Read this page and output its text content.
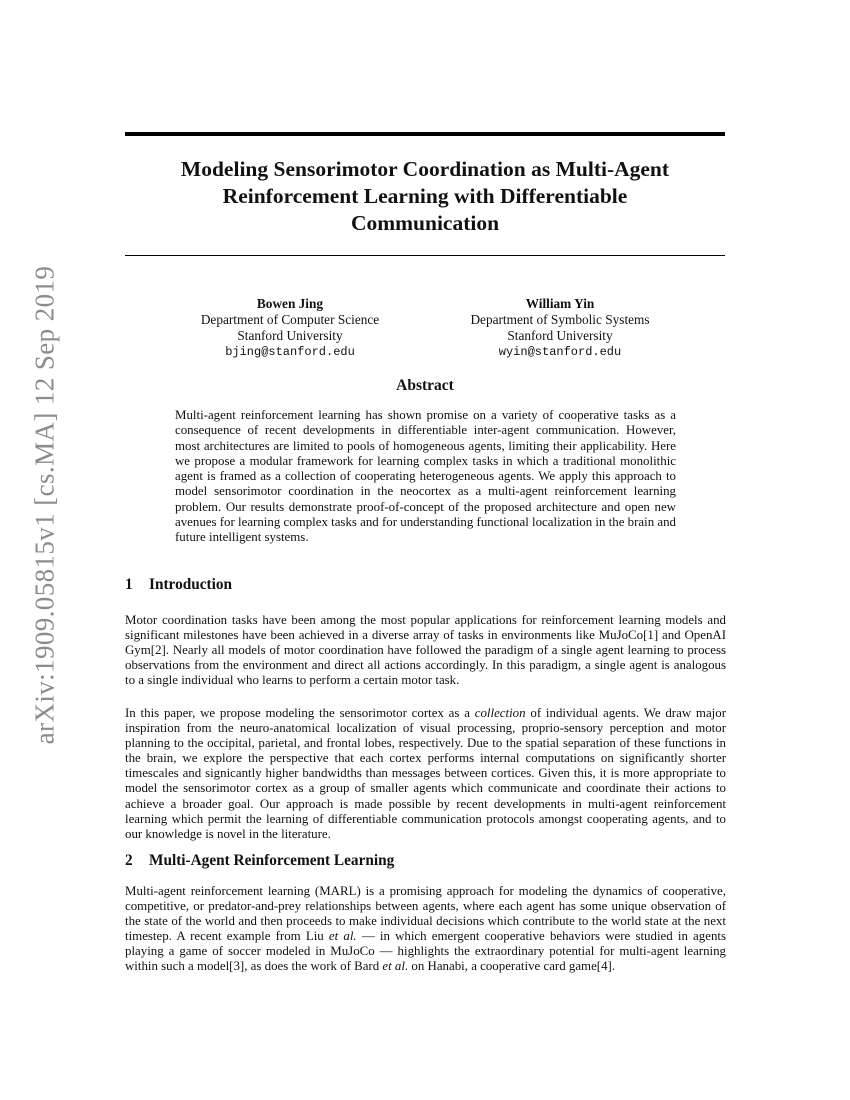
arXiv:1909.05815v1 [cs.MA] 12 Sep 2019
Modeling Sensorimotor Coordination as Multi-Agent
Reinforcement Learning with Differentiable
Communication
Bowen Jing
Department of Computer Science
Stanford University
bjing@stanford.edu
William Yin
Department of Symbolic Systems
Stanford University
wyin@stanford.edu
Abstract

Multi-agent reinforcement learning has shown promise on a variety of cooperative tasks as a consequence of recent developments in differentiable inter-agent communication. However, most architectures are limited to pools of homogeneous agents, limiting their applicability. Here we propose a modular framework for learning complex tasks in which a traditional monolithic agent is framed as a collection of cooperating heterogeneous agents. We apply this approach to model sensorimotor coordination in the neocortex as a multi-agent reinforcement learning problem. Our results demonstrate proof-of-concept of the proposed architecture and open new avenues for learning complex tasks and for understanding functional localization in the brain and future intelligent systems.

1 Introduction

Motor coordination tasks have been among the most popular applications for reinforcement learning models and significant milestones have been achieved in a diverse array of tasks in environments like MuJoCo[1] and OpenAI Gym[2]. Nearly all models of motor coordination have followed the paradigm of a single agent learning to process observations from the environment and direct all actions accordingly. In this paradigm, a single agent is analogous to a single individual who learns to perform a certain motor task.

In this paper, we propose modeling the sensorimotor cortex as a collection of individual agents. We draw major inspiration from the neuro-anatomical localization of visual processing, proprio-sensory perception and motor planning to the occipital, parietal, and frontal lobes, respectively. Due to the spatial separation of these functions in the brain, we explore the perspective that each cortex performs internal computations on significantly shorter timescales and signicantly higher bandwidths than messages between cortices. Given this, it is more appropriate to model the sensorimotor cortex as a group of smaller agents which communicate and coordinate their actions to achieve a broader goal. Our approach is made possible by recent developments in multi-agent reinforcement learning which permit the learning of differentiable communication protocols amongst cooperating agents, and to our knowledge is novel in the literature.

2 Multi-Agent Reinforcement Learning

Multi-agent reinforcement learning (MARL) is a promising approach for modeling the dynamics of cooperative, competitive, or predator-and-prey relationships between agents, where each agent has some unique observation of the state of the world and then proceeds to make individual decisions which contribute to the world state at the next timestep. A recent example from Liu et al. — in which emergent cooperative behaviors were studied in agents playing a game of soccer modeled in MuJoCo — highlights the extraordinary potential for multi-agent learning within such a model[3], as does the work of Bard et al. on Hanabi, a cooperative card game[4].
